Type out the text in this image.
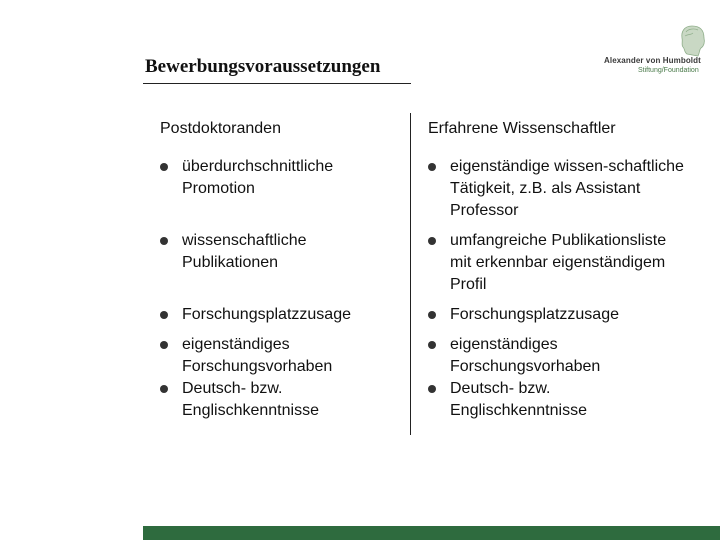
Bewerbungsvoraussetzungen	Alexander von Humboldt
Stiftung/Foundation
Postdoktoranden
überdurchschnittliche Promotion
wissenschaftliche Publikationen
Forschungsplatzzusage
eigenständiges Forschungsvorhaben
Deutsch- bzw. Englischkenntnisse
Erfahrene Wissenschaftler
eigenständige wissen-schaftliche Tätigkeit, z.B. als Assistant Professor
umfangreiche Publikationsliste mit erkennbar eigenständigem Profil
Forschungsplatzzusage
eigenständiges Forschungsvorhaben
Deutsch- bzw. Englischkenntnisse
